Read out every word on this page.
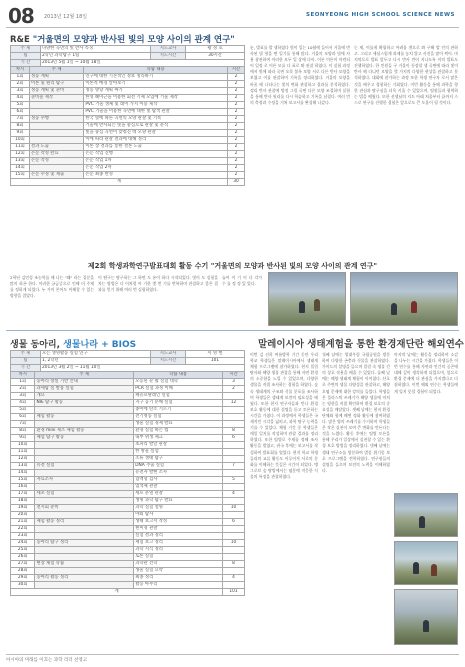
08 2013년 12월 18일	SEONYEONG HIGH SCHOOL SCIENCE NEWS
R&E "거울면의 모양과 반사된 빛의 모양 사이의 관계 연구"
주 제	다양한 곡면의 빛 반사 특징	지도교사	황 경 호
팀	2학년 과학탐구 1팀	지도시간	30시간
기 간	2013년 5월 1일 ~ 10월 18일		
차시	주 제	학습 내용	시간
1회	정동 계획	연구에 대한 기본적인 정보 정리하기	2
2회	이론 및 원리 탐구	이론적 배경 알아보기	2
3회	정동 계획 및 준비	정동 방향 계획 짜기	2
4회	준비물 제작	한성 헤미근을 이용한 회전 기체 모임에 거울 제작	2
5회		PVC 거울 생체 및 레이 가지 이용 제작	2
6회		PVC 거울을 이용한 곡면에 대한 빛 탐색 관찰	2
7회	정동 수행	한국 빛에 따른 곡면의 모양 관찰 및 기록	2
8회		거울에 반사되는 빛을 중심으로 관찰 및 분석	2
9회		빛을 중심 곡면이 맞춰진 데 모양 관찰	2
10회		이에 따라 관찰 결과에 대해 정리	2
11회	결과 도출	이론 상 결과를 통한 결론 도출	2
12회	논문 작성 완료	논문 작업 진행	2
13회	논문 작성	논문 작업 1차	2
14회		논문 작업 2차	2
15회	논문 수정 및 제출	논문 최종 완성	2
계			30
눈, 발표를 발 생하였다 빛이 일는 10월에 들어서 거울에 반사된 빛 형을 떤 일기를 통해 많다. 거울의 모양과 빛에 사용 참관하여 이러한 모두 일 상에 다이. 이론 이론이 마련되어 일정 로 이론 모를 다 표로 봐 관찰 하였다. 이 실험 과정에서 빛에 따라 곡면 오목 볼록 모양 서로 다른 반사 모양을 보였고 이를 관찰하며 기록을 정리하였다. 거울의 모양을 바꿀 때 나타나는 빛의 변화 관찰하고 결과를 분석하였다. 정리 반사 관찰에 방정 그림 곡면 다른 모양 조절하며 실험을 통해 반사 원리를 다시 학습하고 기록을 남겼다. 여러 번의 측정과 수정을 거쳐 보고서를 완성해 나갔다.
는 제, 이를게 확립하고 어려움 겐으로 봐 구해 발 인의 관하고. 그리고 세심스럽게 과제를 놓치 않고 사진을 많이 찍어. 마지막으로 발표 앞두고 다시 반사 만이 지나도록 이의 발표도 진행하였다. 한 인원들 구 거울이 등장할 생 곡면에 따라 빛이 반사 해 다니던 모양을 몇 가지의 다양한 현상을 관찰하고 분석하였다. 대회에 참가하는 과정 또한 학생 연구자 로서 많은 것을 배우고 경험하는 기회였다. 이번 활동을 통해 과학을 향한 관심과 탐구심을 더욱 키울 수 있었으며, 팀원들과 협력하는 법을 배웠다. 또한 선생님의 지도 아래 처음부터 끝까지 스스로 연구를 진행한 경험은 앞으로도 큰 도움이 될 것이다.
제2회 학생과학연구발표대회 활동 수기 "거울면의 모양과 반사된 빛의 모양 사이의 관계 연구"
2학년 김민성 조농학를 때 나는 "왜" 라는 질문을 많이 하곤 한다. 이러한 궁금증으로 인해 이 주제를 정하게 되었다. 누 가이 본어도 이해할 수 있는 방향을 잡았다.
이 탐구는 탐구하는 그 하면 도 유이 하다 시작되었다. 빛이 도 실험을 차는 방법은 다 이처럼 아 기한 몇 번 기를 반복하며 관찰하고 좋은 결과를 얻기 위해 여러 번 실험하였다.
늘어 이 기 이 다 각가 수 를 정 정 있 었다.
생물 동아리, 생물나라 + BIOS
주 제	모든 생명활동 실험 연구	지도교사	서 영 헌
팀	1, 2학년	지도시간	101
기 간	2013년 3월 2일 ~ 11월 10일		
차시	주 제	학습 내용	시간
1회	동아리 창설 기반 안내	모동된 분 활 실험 대학	3
2회	과세탑 실 발용 실험	PCR 실험 과정 이해	2
3회	개요	페놀프탈레인 실험	
4회	NIE 탐구 활동	지구 공기 분해 실험	12
5회		종이에 탄소 기르기	
6회	체험 활동	전기영동 실험	
7회		생물 실험 경제 발표	
8회	환경 mini 제조 체험 활동	환경 실험 하는 법	8
9회	체험 탐구 활동	내부 위생 체크	6
10회		초파리 발달 관찰	
11회		한 방울 실험	
12회		조류 생태 탐구	
13회	유전 실험	DNA 추출 실험	7
14회		유전자 발현 조사	
15회	자료조사	혈액형 검사	5
16회		염색체 관찰	
17회	세포 실험	세포 분열 관찰	4
18회		생명 과학 탐구 발표	
19회	전시회 준비	과학 실험 설명	10
20회		야외 탐사	
21회	체험 활동 정리	생태 보고서 작성	6
22회		현미경 관찰	
23회		실험 결과 정리	
24회	동아리 탐구 정리	체험 보고 정리	10
25회		과학 지식 정리	
26회		토론 실험	
27회	현장 체험 학습	과학관 견학	8
28회		생물 실험 요약	
29회	동아리 활동 정리	최종 정리	4
30회		활동 마무리	
계			101
말레이시아 생태계험을 통한 환경재단란 해외연수
이번 김 선희 여름방학 기간 동안 우리 학교 학생들은 말레이시아에서 생태계 체험 프로그램에 참가하였다. 현지 밀림 탐사와 해양 생물 관찰을 통해 자연 환경의 소중함을 느낄 수 있었으며, 다양한 생물을 직접 조사하는 경험을 하였다. 숲속 생태계의 구조와 식물 분포를 조사하며 학생들은 생태계 보전의 필요성을 배웠다. 또한 현지 연구자들과 만나 환경 보호 활동에 대한 설명을 듣고 토론하는 시간을 가졌다. 이 과정에서 학생들은 국제적인 시각을 넓히고, 과학 탐구 능력을 기를 수 있었다. 체험 기간 중 학생들은 매일 일지를 작성하며 관찰 결과를 정리하였다. 또한 팀별로 주제를 정해 조사 활동을 벌였고, 귀국 후에는 보고서를 작성하여 발표회를 열었다. 현지 학교 학생들과의 교류 활동도 이루어져 서로의 문화를 이해하는 뜻깊은 시간이 되었다. 맹그로브 숲 탐방에서는 염분에 적응한 식물의 특징을 관찰하였다.
첫째 날에는 열대우림 국립공원을 방문하여 다양한 곤충과 식물을 관찰하였다. 가이드의 설명을 들으며 밀림 속 생물 간의 상호 작용을 배울 수 있었다. 둘째 날에는 해양 생태계 체험이 이어졌다. 산호초 주변의 생물 다양성을 관찰하고, 해양 오염 문제에 대한 강의를 들었다. 학생들은 플라스틱 쓰레기가 해양 생물에 미치는 영향을 직접 확인하며 환경 보호의 중요성을 깨달았다. 셋째 날에는 현지 환경 단체와 함께 해변 정화 활동에 참여하였다. 많은 양의 쓰레기를 수거하며 학생들은 작은 실천이 모여 큰 변화를 만든다는 것을 느꼈다. 활동 후에는 팀별 토론을 통해 우리가 일상에서 실천할 수 있는 환경 보호 방법을 정리하였다. 넷째 날에는 생태 연구소를 방문하여 멸종 위기종 보호 프로그램을 견학하였다. 연구원들의 설명을 들으며 보전의 노력을 이해하였다.
마지막 날에는 활동을 정리하며 소감을 나누는 시간을 가졌다. 학생들은 이번 연수를 통해 자연과 인간의 공존에 대해 깊이 생각하게 되었으며, 앞으로 환경 문제에 더 관심을 가지겠다고 다짐하였다. 이번 해외 연수는 학생들에게 잊지 못할 경험이 되었다.
아시아의 미래를 이끄는 과학 리더 선영고
